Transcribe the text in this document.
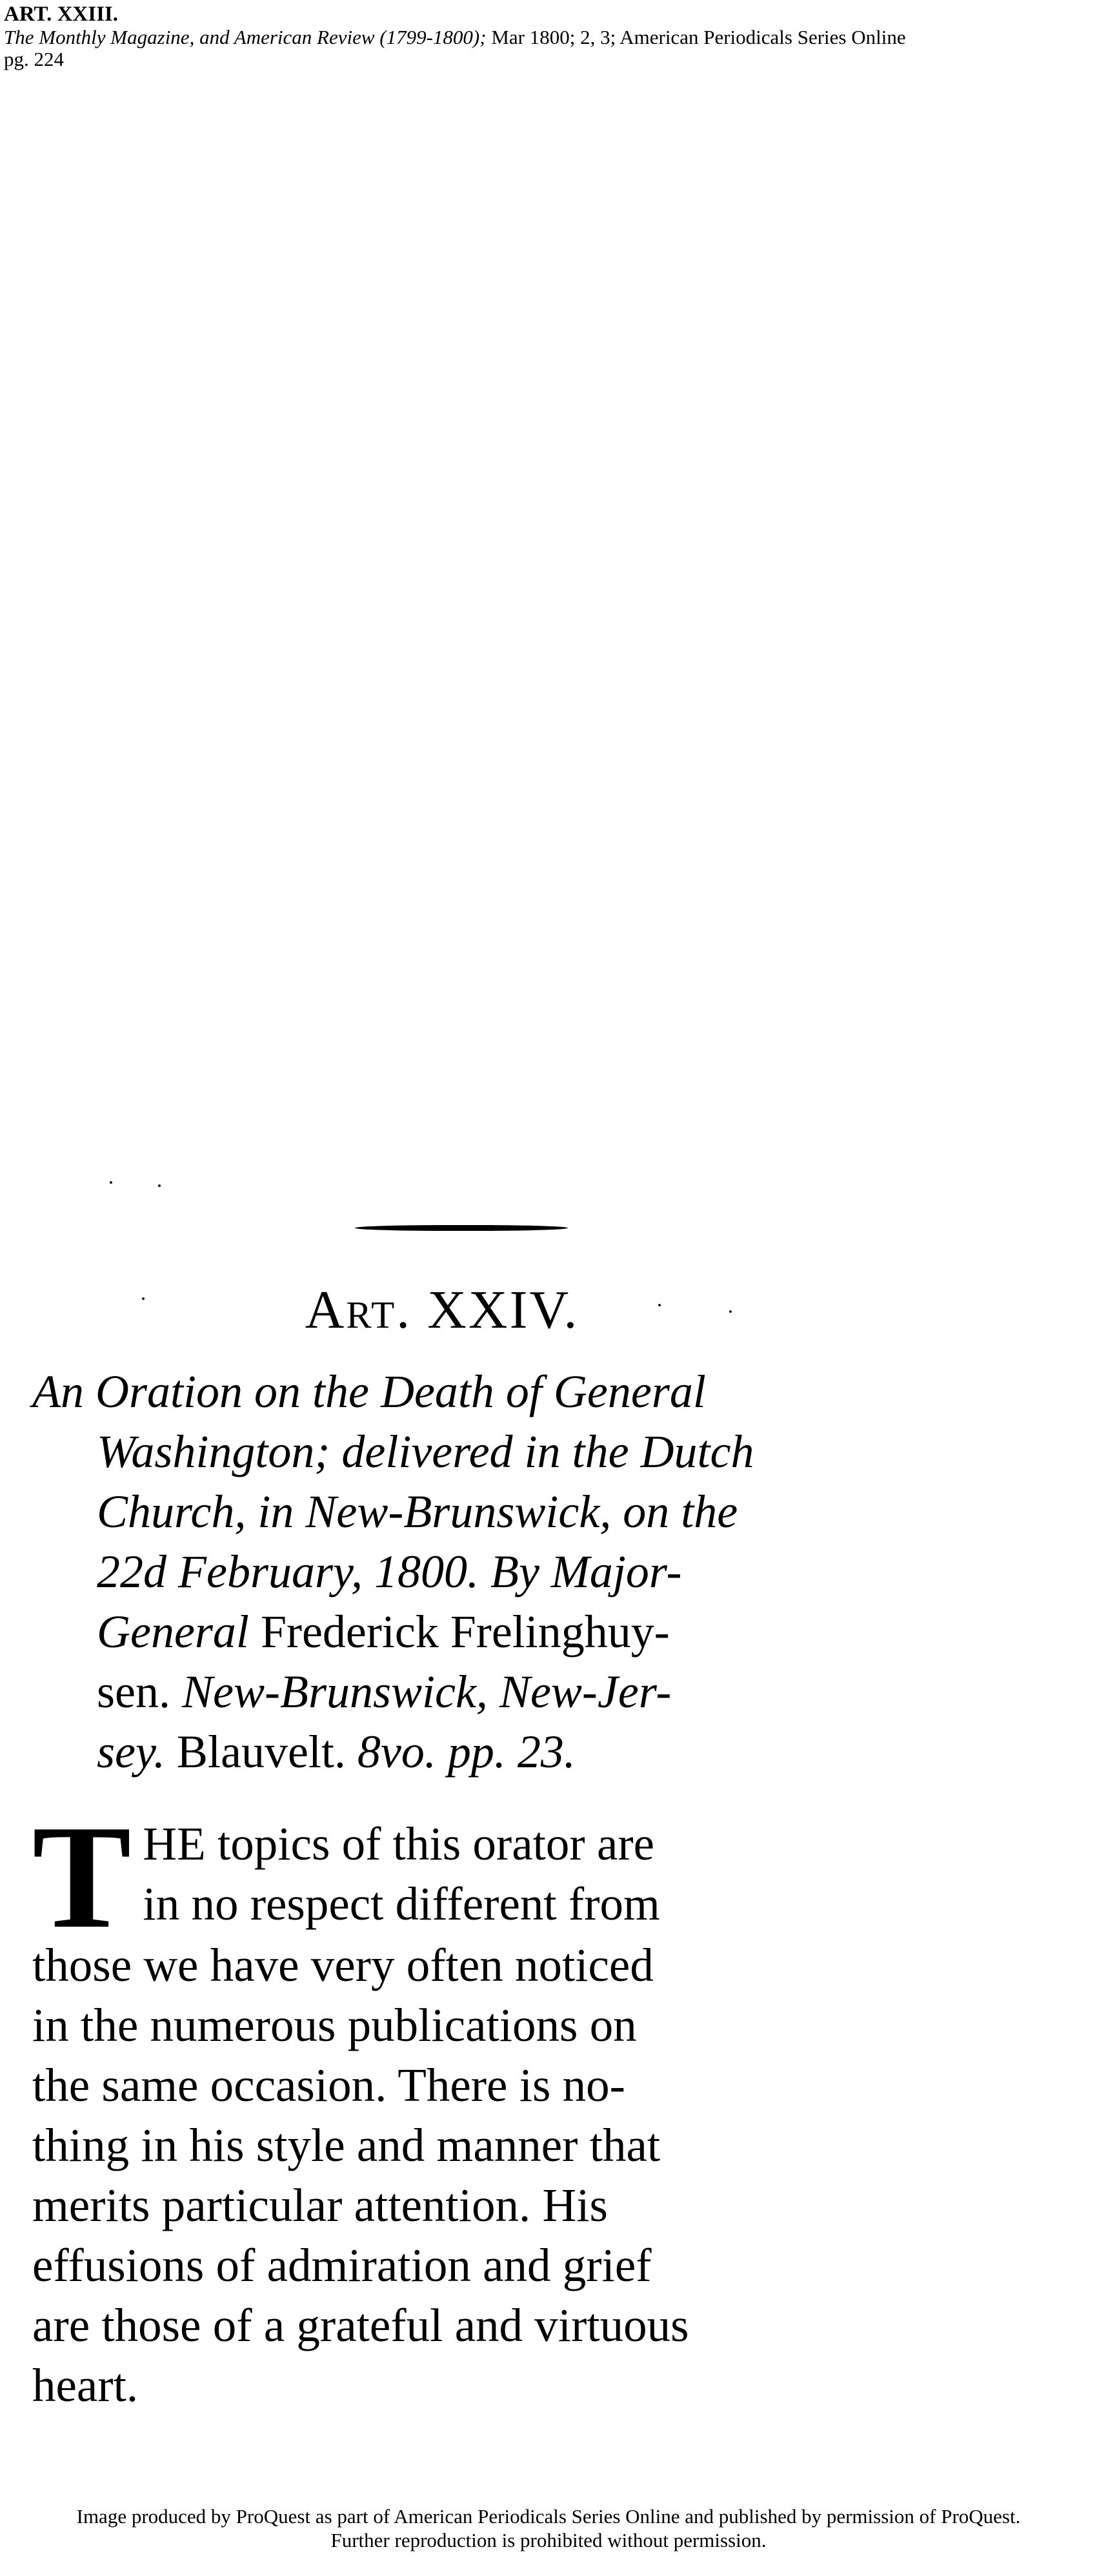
ART. XXIII.

The Monthly Magazine, and American Review (1799-1800); Mar 1800; 2, 3; American Periodicals Series Online

pg. 224

Art. XXIV.
An Oration on the Death of General
Washington; delivered in the Dutch
Church, in New-Brunswick, on the
22d February, 1800. By Major-
General Frederick Frelinghuy-
sen. New-Brunswick, New-Jer-
sey. Blauvelt. 8vo. pp. 23.
T HE topics of this orator are
in no respect different from
those we have very often noticed
in the numerous publications on
the same occasion. There is no-
thing in his style and manner that
merits particular attention. His
effusions of admiration and grief
are those of a grateful and virtuous
heart.

Image produced by ProQuest as part of American Periodicals Series Online and published by permission of ProQuest.

Further reproduction is prohibited without permission.
